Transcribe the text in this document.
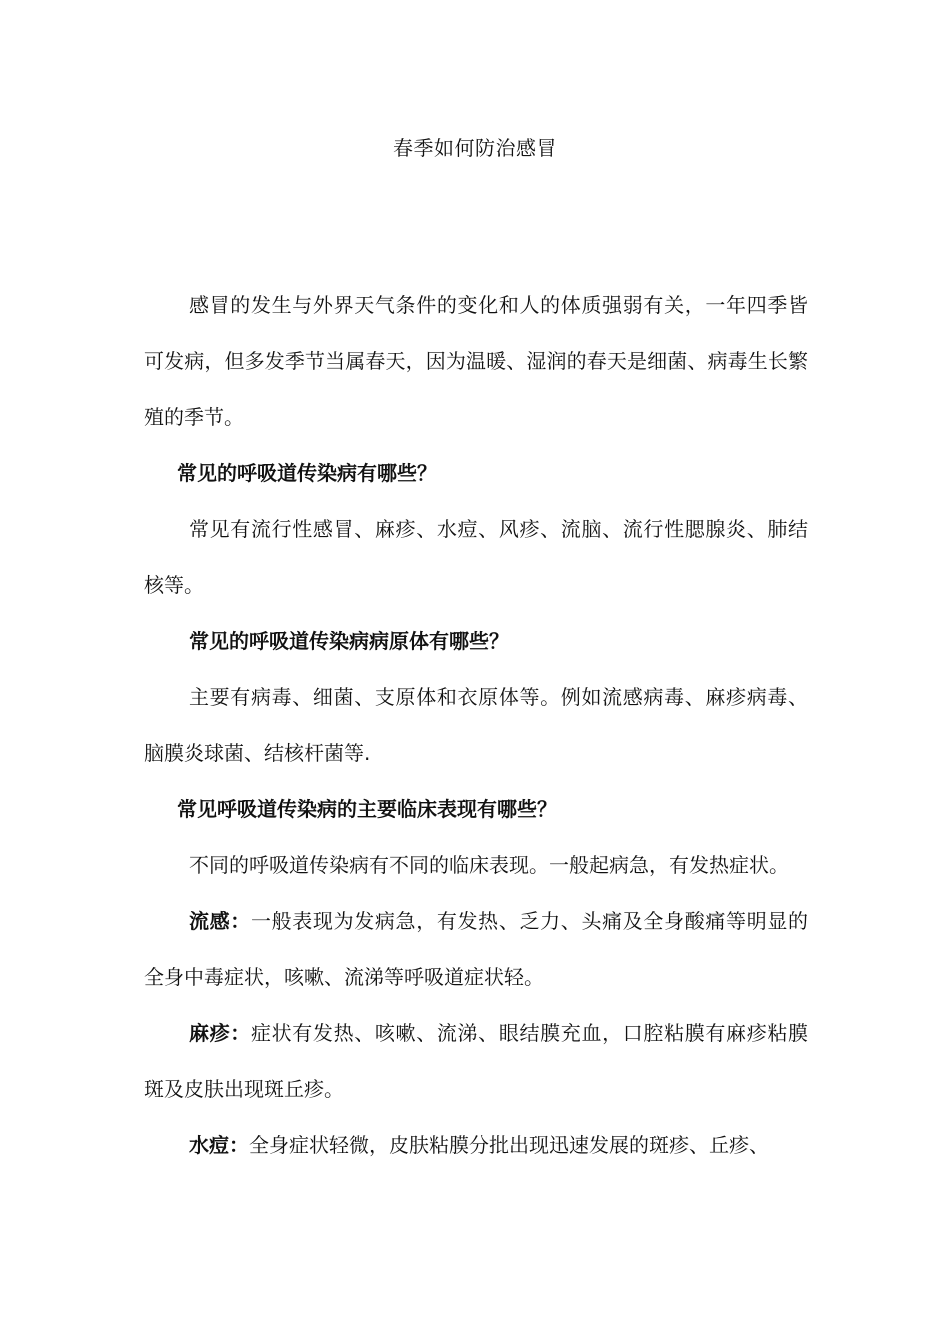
春季如何防治感冒

感冒的发生与外界天气条件的变化和人的体质强弱有关，一年四季皆可发病，但多发季节当属春天，因为温暖、湿润的春天是细菌、病毒生长繁殖的季节。

常见的呼吸道传染病有哪些？

常见有流行性感冒、麻疹、水痘、风疹、流脑、流行性腮腺炎、肺结核等。

常见的呼吸道传染病病原体有哪些？

主要有病毒、细菌、支原体和衣原体等。例如流感病毒、麻疹病毒、脑膜炎球菌、结核杆菌等.

常见呼吸道传染病的主要临床表现有哪些？

不同的呼吸道传染病有不同的临床表现。一般起病急，有发热症状。

流感：一般表现为发病急，有发热、乏力、头痛及全身酸痛等明显的全身中毒症状，咳嗽、流涕等呼吸道症状轻。

麻疹：症状有发热、咳嗽、流涕、眼结膜充血，口腔粘膜有麻疹粘膜斑及皮肤出现斑丘疹。

水痘：全身症状轻微，皮肤粘膜分批出现迅速发展的斑疹、丘疹、
